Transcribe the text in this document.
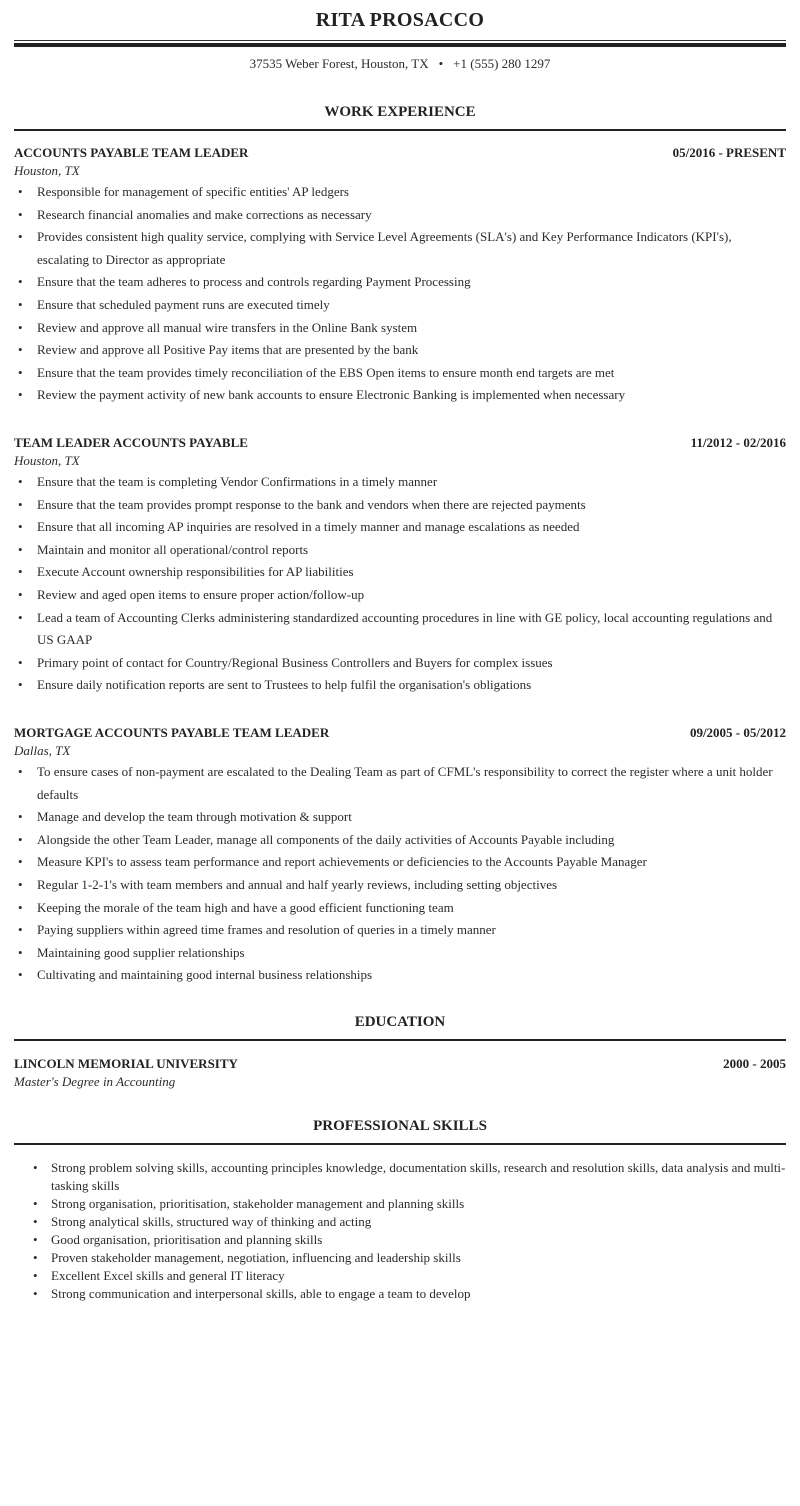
RITA PROSACCO
37535 Weber Forest, Houston, TX • +1 (555) 280 1297
WORK EXPERIENCE
ACCOUNTS PAYABLE TEAM LEADER	05/2016 - PRESENT
Houston, TX
• Responsible for management of specific entities' AP ledgers
• Research financial anomalies and make corrections as necessary
• Provides consistent high quality service, complying with Service Level Agreements (SLA's) and Key Performance Indicators (KPI's), escalating to Director as appropriate
• Ensure that the team adheres to process and controls regarding Payment Processing
• Ensure that scheduled payment runs are executed timely
• Review and approve all manual wire transfers in the Online Bank system
• Review and approve all Positive Pay items that are presented by the bank
• Ensure that the team provides timely reconciliation of the EBS Open items to ensure month end targets are met
• Review the payment activity of new bank accounts to ensure Electronic Banking is implemented when necessary
TEAM LEADER ACCOUNTS PAYABLE	11/2012 - 02/2016
Houston, TX
• Ensure that the team is completing Vendor Confirmations in a timely manner
• Ensure that the team provides prompt response to the bank and vendors when there are rejected payments
• Ensure that all incoming AP inquiries are resolved in a timely manner and manage escalations as needed
• Maintain and monitor all operational/control reports
• Execute Account ownership responsibilities for AP liabilities
• Review and aged open items to ensure proper action/follow-up
• Lead a team of Accounting Clerks administering standardized accounting procedures in line with GE policy, local accounting regulations and US GAAP
• Primary point of contact for Country/Regional Business Controllers and Buyers for complex issues
• Ensure daily notification reports are sent to Trustees to help fulfil the organisation's obligations
MORTGAGE ACCOUNTS PAYABLE TEAM LEADER	09/2005 - 05/2012
Dallas, TX
• To ensure cases of non-payment are escalated to the Dealing Team as part of CFML's responsibility to correct the register where a unit holder defaults
• Manage and develop the team through motivation & support
• Alongside the other Team Leader, manage all components of the daily activities of Accounts Payable including
• Measure KPI's to assess team performance and report achievements or deficiencies to the Accounts Payable Manager
• Regular 1-2-1's with team members and annual and half yearly reviews, including setting objectives
• Keeping the morale of the team high and have a good efficient functioning team
• Paying suppliers within agreed time frames and resolution of queries in a timely manner
• Maintaining good supplier relationships
• Cultivating and maintaining good internal business relationships
EDUCATION
LINCOLN MEMORIAL UNIVERSITY	2000 - 2005
Master's Degree in Accounting
PROFESSIONAL SKILLS
• Strong problem solving skills, accounting principles knowledge, documentation skills, research and resolution skills, data analysis and multi-tasking skills
• Strong organisation, prioritisation, stakeholder management and planning skills
• Strong analytical skills, structured way of thinking and acting
• Good organisation, prioritisation and planning skills
• Proven stakeholder management, negotiation, influencing and leadership skills
• Excellent Excel skills and general IT literacy
• Strong communication and interpersonal skills, able to engage a team to develop
